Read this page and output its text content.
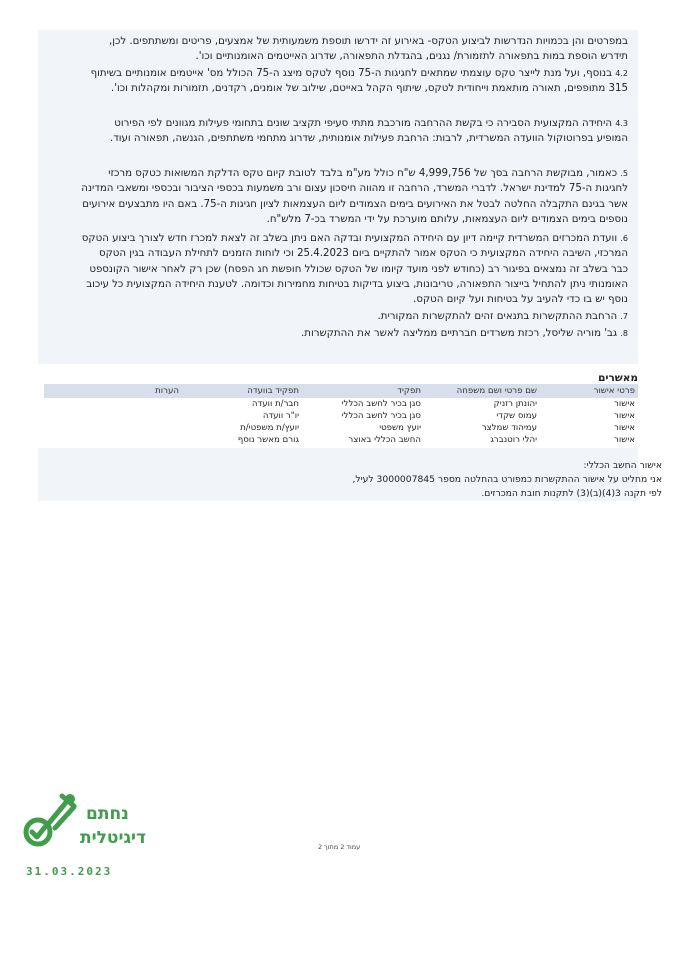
במפרטים והן בכמויות הנדרשות לביצוע הטקס- באירוע זה ידרשו תוספת משמעותית של אמצעים, פריטים ומשתתפים. לכן, תידרש הוספת במות בתפאורה לתזמורת/ נגנים, בהגדלת התפאורה, שדרוג האייטמים האומנותיים וכו'.
4.2 בנוסף, ועל מנת לייצר טקס עוצמתי שמתאים לחגיגות ה-75 נוסף לטקס מיצג ה-75 הכולל מס' אייטמים אומנותיים בשיתוף 315 מתופפים, תאורה מותאמת וייחודית לטקס, שיתוף הקהל באייטם, שילוב של אומנים, רקדנים, תזמורות ומקהלות וכו'.
4.3 היחידה המקצועית הסבירה כי בקשת ההרחבה מורכבת מתתי סעיפי תקציב שונים בתחומי פעילות מגוונים לפי הפירוט המופיע בפרוטוקול הוועדה המשרדית, לרבות: הרחבת פעילות אומנותית, שדרוג מתחמי משתתפים, הגנשה, תפאורה ועוד.
5. כאמור, מבוקשת הרחבה בסך של 4,999,756 ש"ח כולל מע"מ בלבד לטובת קיום טקס הדלקת המשואות כטקס מרכזי לחגיגות ה-75 למדינת ישראל. לדברי המשרד, הרחבה זו מהווה חיסכון עצום ורב משמעות בכספי הציבור ובכספי ומשאבי המדינה אשר בגינם התקבלה החלטה לבטל את האירועים בימים הצמודים ליום העצמאות לציון חגיגות ה-75. באם היו מתבצעים אירועים נוספים בימים הצמודים ליום העצמאות, עלותם מוערכת על ידי המשרד בכ-7 מלש"ח.
6. וועדת המכרזים המשרדית קיימה דיון עם היחידה המקצועית ובדקה האם ניתן בשלב זה לצאת למכרז חדש לצורך ביצוע הטקס המרכזי, השיבה היחידה המקצועית כי הטקס אמור להתקיים ביום 25.4.2023 וכי לוחות הזמנים לתחילת העבודה בגין הטקס כבר בשלב זה נמצאים בפיגור רב (כחודש לפני מועד קיומו של הטקס שכולל חופשת חג הפסח) שכן רק לאחר אישור הקונספט האומנותי ניתן להתחיל בייצור התפאורה, טריבונות, ביצוע בדיקות בטיחות מחמירות וכדומה. לטענת היחידה המקצועית כל עיכוב נוסף יש בו כדי להעיב על בטיחות ועל קיום הטקס.
7. הרחבת ההתקשרות בתנאים זהים להתקשרות המקורית.
8. גב' מוריה שליסל, רכזת משרדים חברתיים ממליצה לאשר את ההתקשרות.
מאשרים
פרטי אישור	שם פרטי ושם משפחה	תפקיד	תפקיד בוועדה	הערות
אישור	יהונתן רזניק	סגן בכיר לחשב הכללי	חבר/ת וועדה	
אישור	עמוס שקדי	סגן בכיר לחשב הכללי	יו"ר וועדה	
אישור	עמיהוד שמלצר	יועץ משפטי	יועץ/ת משפטי/ת	
אישור	יהלי רוטנברג	החשב הכללי באוצר	גורם מאשר נוסף	
אישור החשב הכללי:
אני מחליט על אישור ההתקשרות כמפורט בהחלטה מספר 3000007845 לעיל,
לפי תקנה 3(4)(ב)(3) לתקנות חובת המכרזים.
עמוד 2 מתוך 2
נחתם
דיגיטלית
31.03.2023
